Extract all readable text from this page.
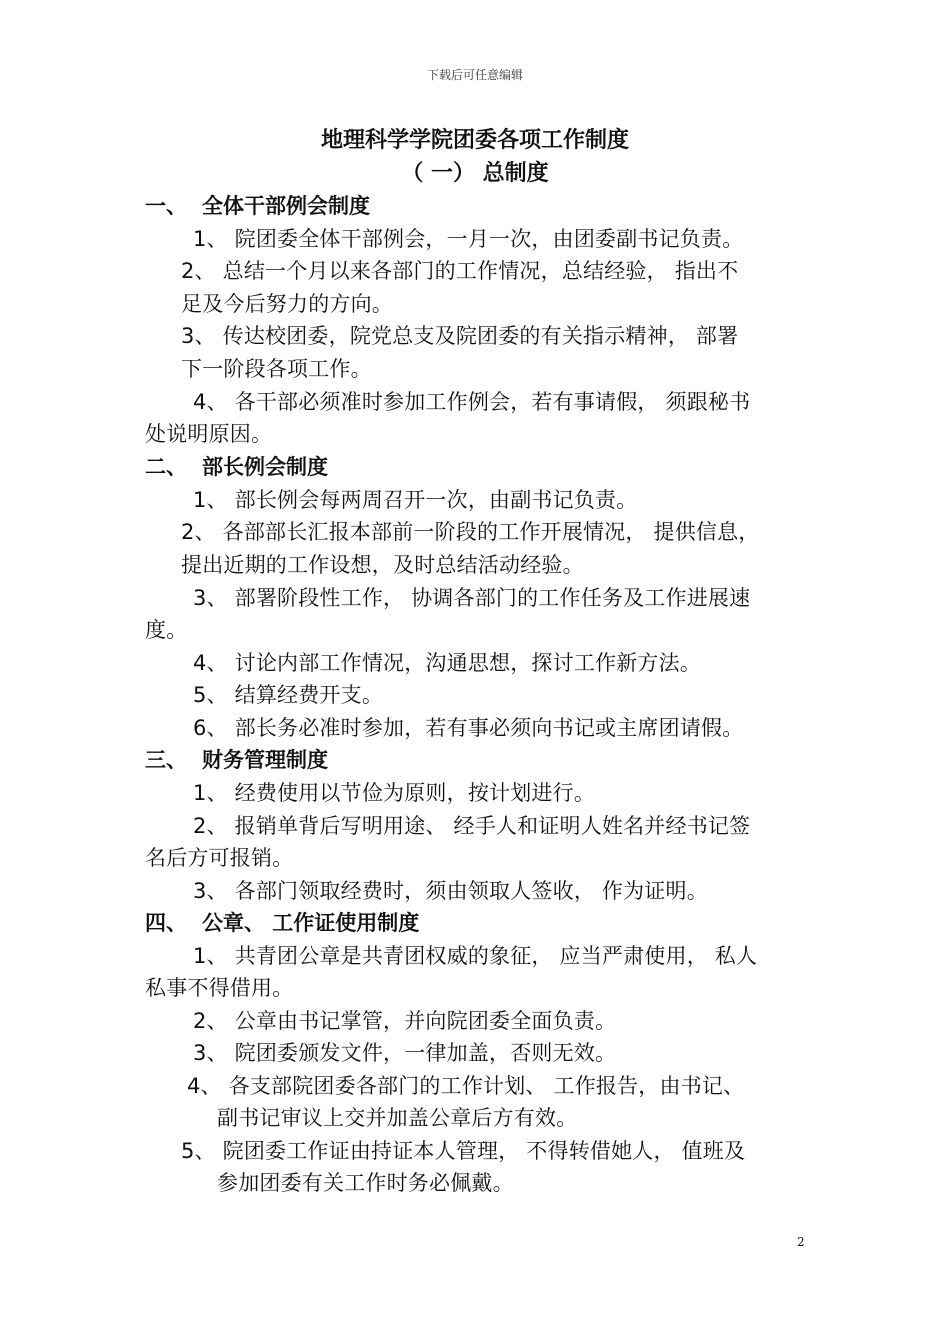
下载后可任意编辑
地理科学学院团委各项工作制度
（ 一） 总制度
一、 全体干部例会制度
1、 院团委全体干部例会，一月一次，由团委副书记负责。
2、 总结一个月以来各部门的工作情况，总结经验， 指出不
足及今后努力的方向。
3、 传达校团委，院党总支及院团委的有关指示精神， 部署
下一阶段各项工作。
4、 各干部必须准时参加工作例会，若有事请假， 须跟秘书
处说明原因。
二、 部长例会制度
1、 部长例会每两周召开一次，由副书记负责。
2、 各部部长汇报本部前一阶段的工作开展情况， 提供信息，
提出近期的工作设想，及时总结活动经验。
3、 部署阶段性工作， 协调各部门的工作任务及工作进展速
度。
4、 讨论内部工作情况，沟通思想，探讨工作新方法。
5、 结算经费开支。
6、 部长务必准时参加，若有事必须向书记或主席团请假。
三、 财务管理制度
1、 经费使用以节俭为原则，按计划进行。
2、 报销单背后写明用途、 经手人和证明人姓名并经书记签
名后方可报销。
3、 各部门领取经费时，须由领取人签收， 作为证明。
四、 公章、 工作证使用制度
1、 共青团公章是共青团权威的象征， 应当严肃使用， 私人
私事不得借用。
2、 公章由书记掌管，并向院团委全面负责。
3、 院团委颁发文件，一律加盖，否则无效。
4、 各支部院团委各部门的工作计划、 工作报告，由书记、
副书记审议上交并加盖公章后方有效。
5、 院团委工作证由持证本人管理， 不得转借她人， 值班及
参加团委有关工作时务必佩戴。
2
